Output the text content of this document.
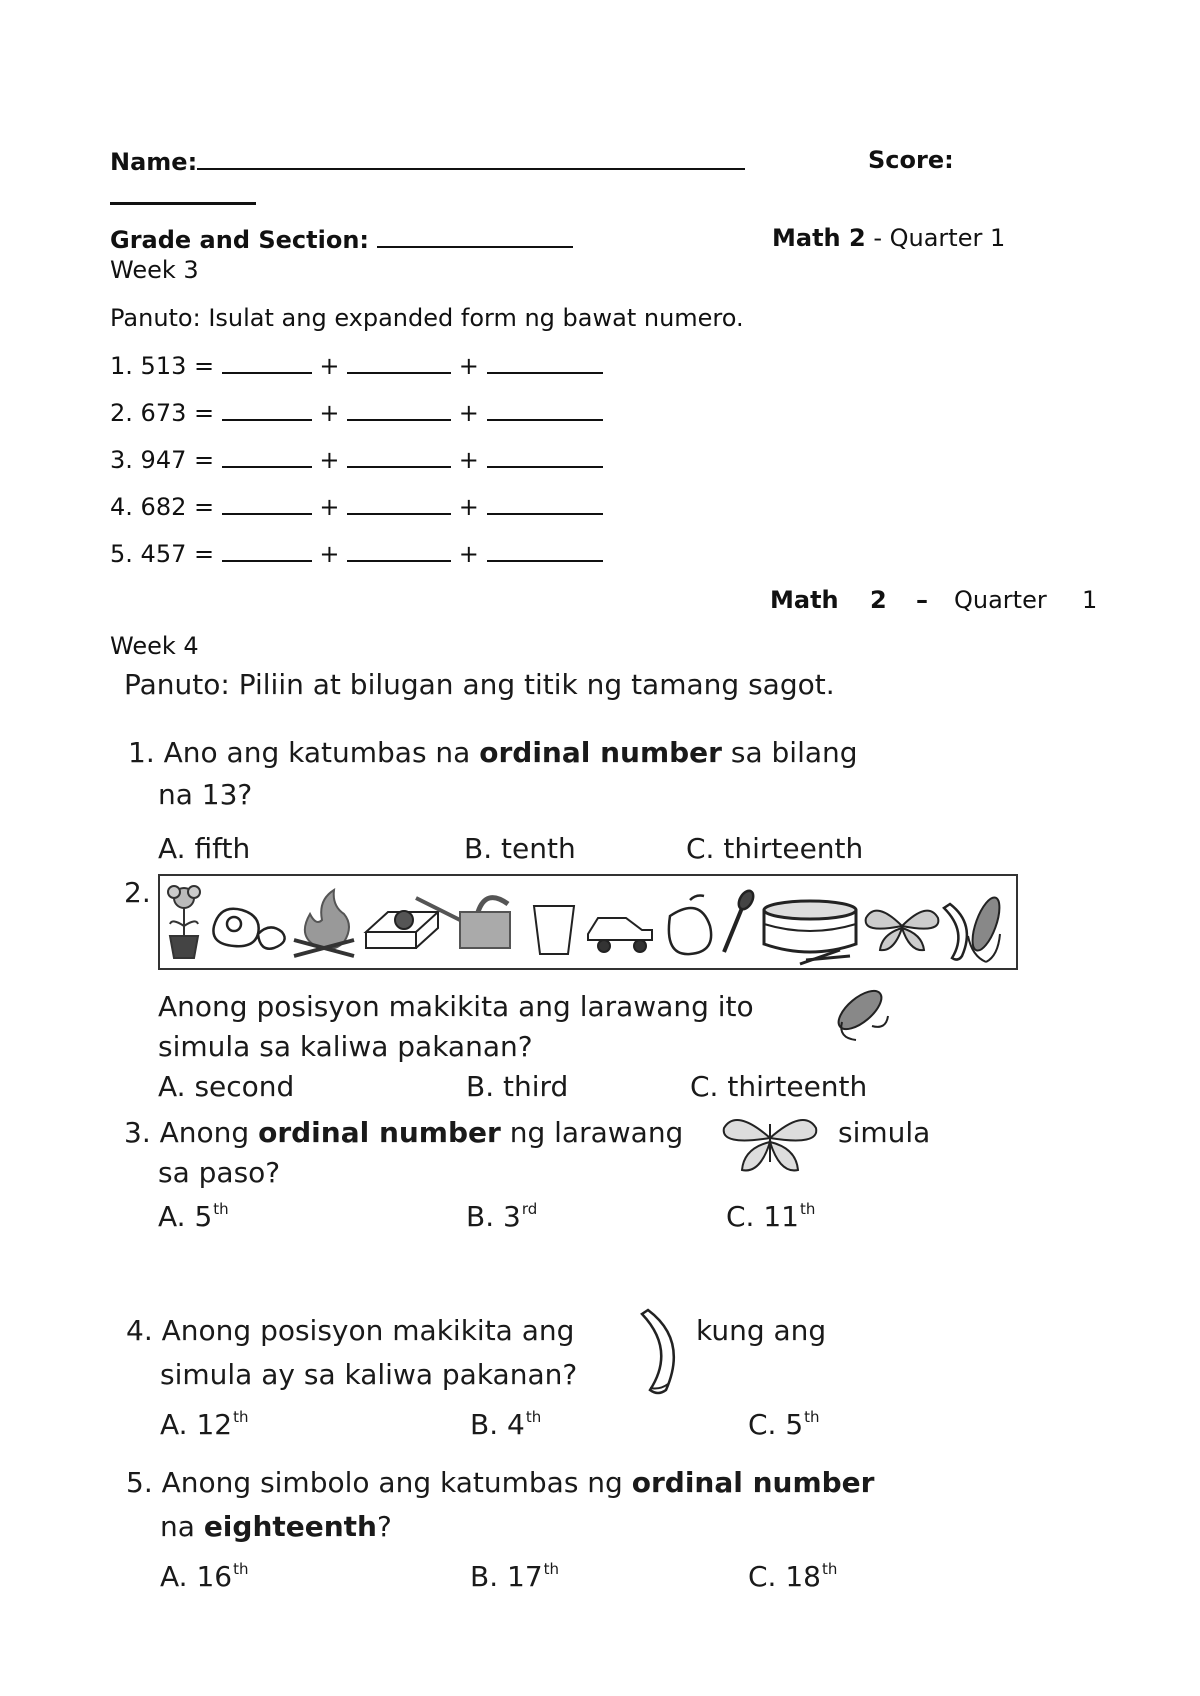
Name:	Score:
Grade and Section:	Math 2 - Quarter 1
Week 3
Panuto: Isulat ang expanded form ng bawat numero.
1. 513 =	+	+
2. 673 =	+	+
3. 947 =	+	+
4. 682 =	+	+
5. 457 =	+	+
Math 2 – Quarter 1
Week 4
Panuto: Piliin at bilugan ang titik ng tamang sagot.
1. Ano ang katumbas na ordinal number sa bilang
na 13?
A. fifth	B. tenth	C. thirteenth
2.
Anong posisyon makikita ang larawang ito
simula sa kaliwa pakanan?
A. second	B. third	C. thirteenth
3. Anong ordinal number ng larawang	simula
sa paso?
A. 5th	B. 3rd	C. 11th
4. Anong posisyon makikita ang	kung ang
simula ay sa kaliwa pakanan?
A. 12th	B. 4th	C. 5th
5. Anong simbolo ang katumbas ng ordinal number
na eighteenth?
A. 16th	B. 17th	C. 18th
